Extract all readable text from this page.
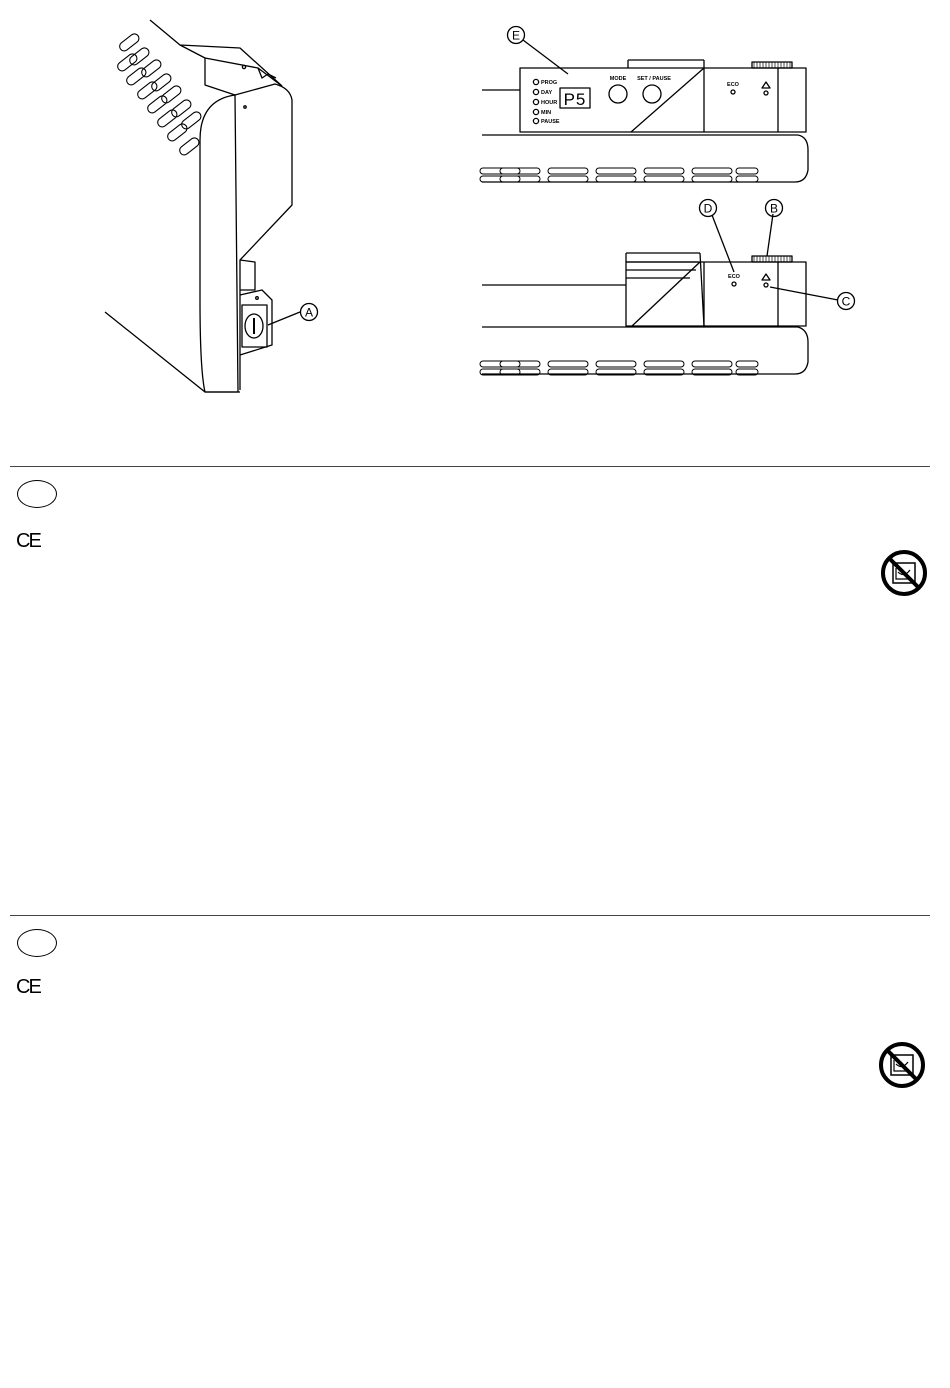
A
E
D	B
C
PROG
DAY
HOUR
MIN
PAUSE
MODE SET / PAUSE
ECO
ECO
P5
CE
CE
